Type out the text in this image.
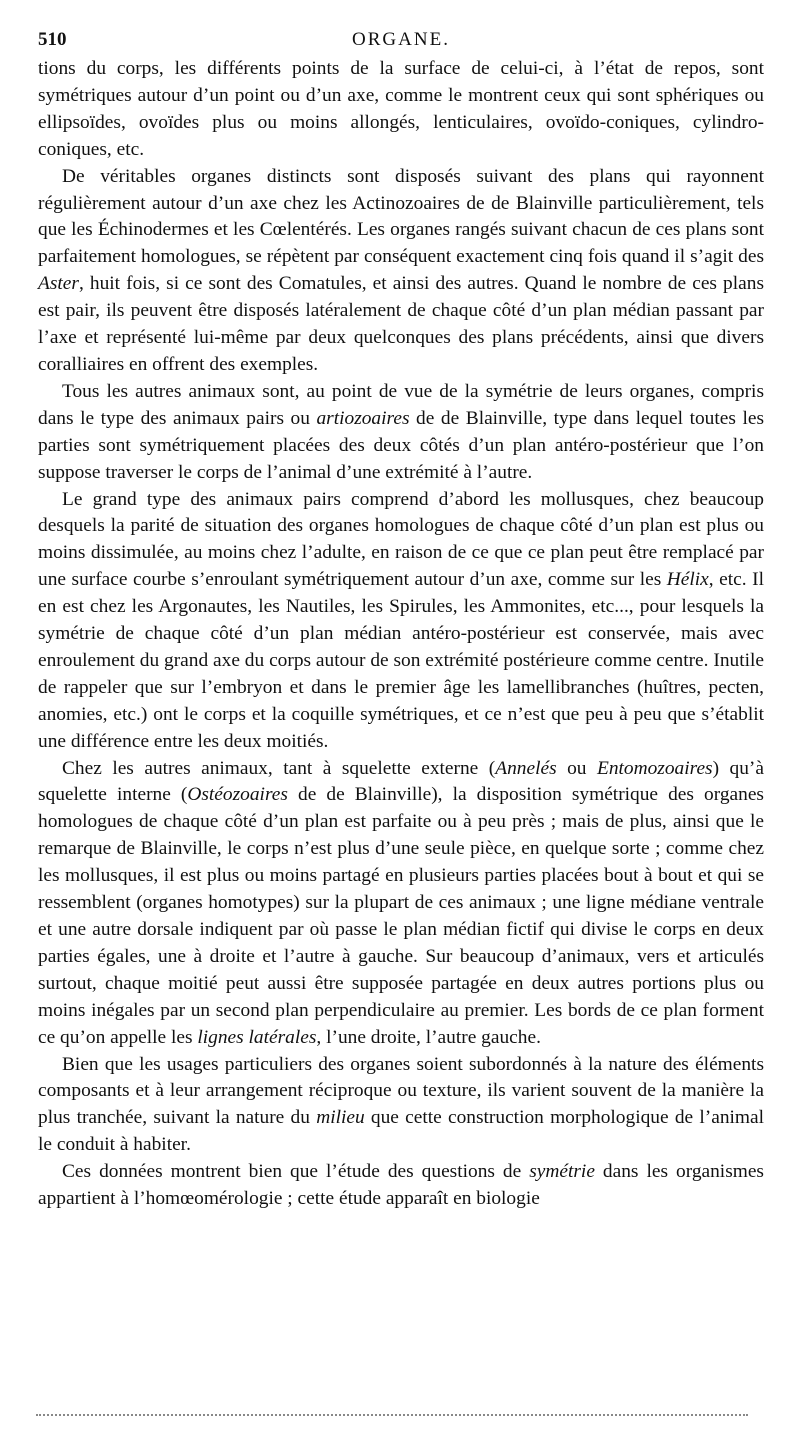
510	ORGANE.

tions du corps, les différents points de la surface de celui-ci, à l’état de repos, sont symétriques autour d’un point ou d’un axe, comme le montrent ceux qui sont sphériques ou ellipsoïdes, ovoïdes plus ou moins allongés, lenticulaires, ovoïdo-coniques, cylindro-coniques, etc.

De véritables organes distincts sont disposés suivant des plans qui rayonnent régulièrement autour d’un axe chez les Actinozoaires de de Blainville particulièrement, tels que les Échinodermes et les Cœlentérés. Les organes rangés suivant chacun de ces plans sont parfaitement homologues, se répètent par conséquent exactement cinq fois quand il s’agit des Aster, huit fois, si ce sont des Comatules, et ainsi des autres. Quand le nombre de ces plans est pair, ils peuvent être disposés latéralement de chaque côté d’un plan médian passant par l’axe et représenté lui-même par deux quelconques des plans précédents, ainsi que divers coralliaires en offrent des exemples.

Tous les autres animaux sont, au point de vue de la symétrie de leurs organes, compris dans le type des animaux pairs ou artiozoaires de de Blainville, type dans lequel toutes les parties sont symétriquement placées des deux côtés d’un plan antéro-postérieur que l’on suppose traverser le corps de l’animal d’une extrémité à l’autre.

Le grand type des animaux pairs comprend d’abord les mollusques, chez beaucoup desquels la parité de situation des organes homologues de chaque côté d’un plan est plus ou moins dissimulée, au moins chez l’adulte, en raison de ce que ce plan peut être remplacé par une surface courbe s’enroulant symétriquement autour d’un axe, comme sur les Hélix, etc. Il en est chez les Argonautes, les Nautiles, les Spirules, les Ammonites, etc..., pour lesquels la symétrie de chaque côté d’un plan médian antéro-postérieur est conservée, mais avec enroulement du grand axe du corps autour de son extrémité postérieure comme centre. Inutile de rappeler que sur l’embryon et dans le premier âge les lamellibranches (huîtres, pecten, anomies, etc.) ont le corps et la coquille symétriques, et ce n’est que peu à peu que s’établit une différence entre les deux moitiés.

Chez les autres animaux, tant à squelette externe (Annelés ou Entomozoaires) qu’à squelette interne (Ostéozoaires de de Blainville), la disposition symétrique des organes homologues de chaque côté d’un plan est parfaite ou à peu près ; mais de plus, ainsi que le remarque de Blainville, le corps n’est plus d’une seule pièce, en quelque sorte ; comme chez les mollusques, il est plus ou moins partagé en plusieurs parties placées bout à bout et qui se ressemblent (organes homotypes) sur la plupart de ces animaux ; une ligne médiane ventrale et une autre dorsale indiquent par où passe le plan médian fictif qui divise le corps en deux parties égales, une à droite et l’autre à gauche. Sur beaucoup d’animaux, vers et articulés surtout, chaque moitié peut aussi être supposée partagée en deux autres portions plus ou moins inégales par un second plan perpendiculaire au premier. Les bords de ce plan forment ce qu’on appelle les lignes latérales, l’une droite, l’autre gauche.

Bien que les usages particuliers des organes soient subordonnés à la nature des éléments composants et à leur arrangement réciproque ou texture, ils varient souvent de la manière la plus tranchée, suivant la nature du milieu que cette construction morphologique de l’animal le conduit à habiter.

Ces données montrent bien que l’étude des questions de symétrie dans les organismes appartient à l’homœomérologie ; cette étude apparaît en biologie
